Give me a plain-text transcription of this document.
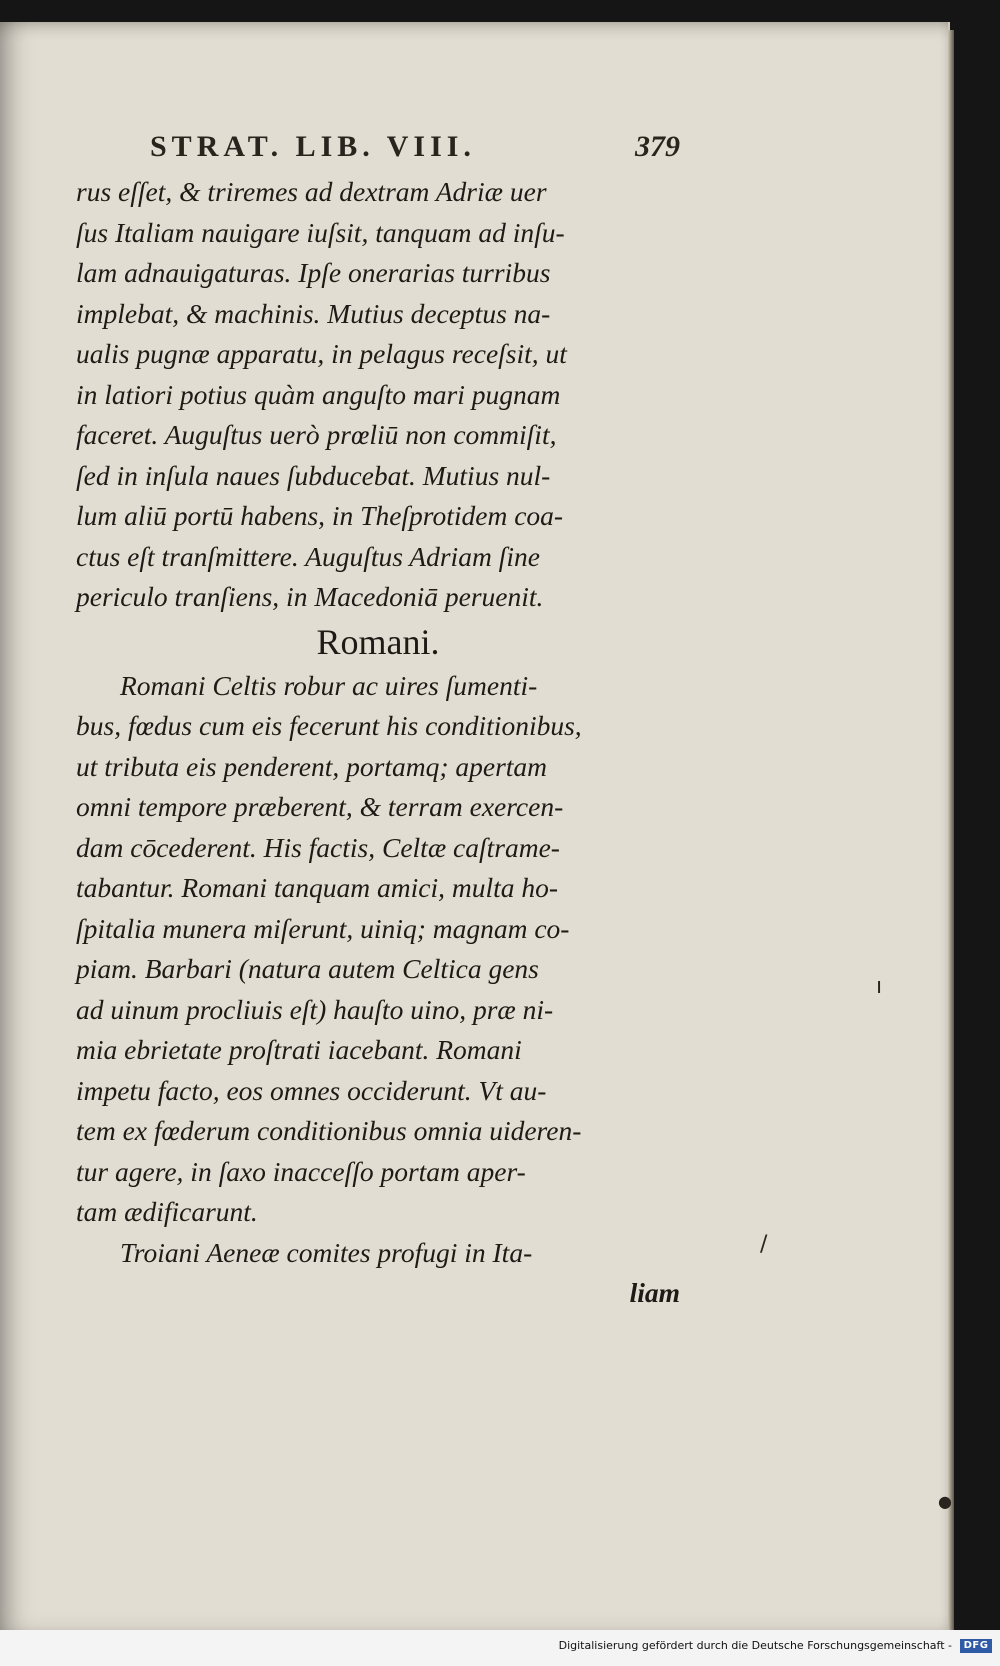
STRAT. LIB. VIII.	379
rus eſſet, & triremes ad dextram Adriæ uer
ſus Italiam nauigare iuſsit, tanquam ad inſu-
lam adnauigaturas. Ipſe onerarias turribus
implebat, & machinis. Mutius deceptus na-
ualis pugnæ apparatu, in pelagus receſsit, ut
in latiori potius quàm anguſto mari pugnam
faceret. Auguſtus uerò prœliū non commiſit,
ſed in inſula naues ſubducebat. Mutius nul-
lum aliū portū habens, in Theſprotidem coa-
ctus eſt tranſmittere. Auguſtus Adriam ſine
periculo tranſiens, in Macedoniā peruenit.
Romani.
Romani Celtis robur ac uires ſumenti-
bus, fœdus cum eis fecerunt his conditionibus,
ut tributa eis penderent, portamq; apertam
omni tempore præberent, & terram exercen-
dam cōcederent. His factis, Celtæ caſtrame-
tabantur. Romani tanquam amici, multa ho-
ſpitalia munera miſerunt, uiniq; magnam co-
piam. Barbari (natura autem Celtica gens
ad uinum procliuis eſt) hauſto uino, præ ni-
mia ebrietate proſtrati iacebant. Romani
impetu facto, eos omnes occiderunt. Vt au-
tem ex fœderum conditionibus omnia uideren-
tur agere, in ſaxo inacceſſo portam aper-
tam ædificarunt.
Troiani Aeneæ comites profugi in Ita-
liam
ı
/
●
Digitalisierung gefördert durch die Deutsche Forschungsgemeinschaft -	DFG
